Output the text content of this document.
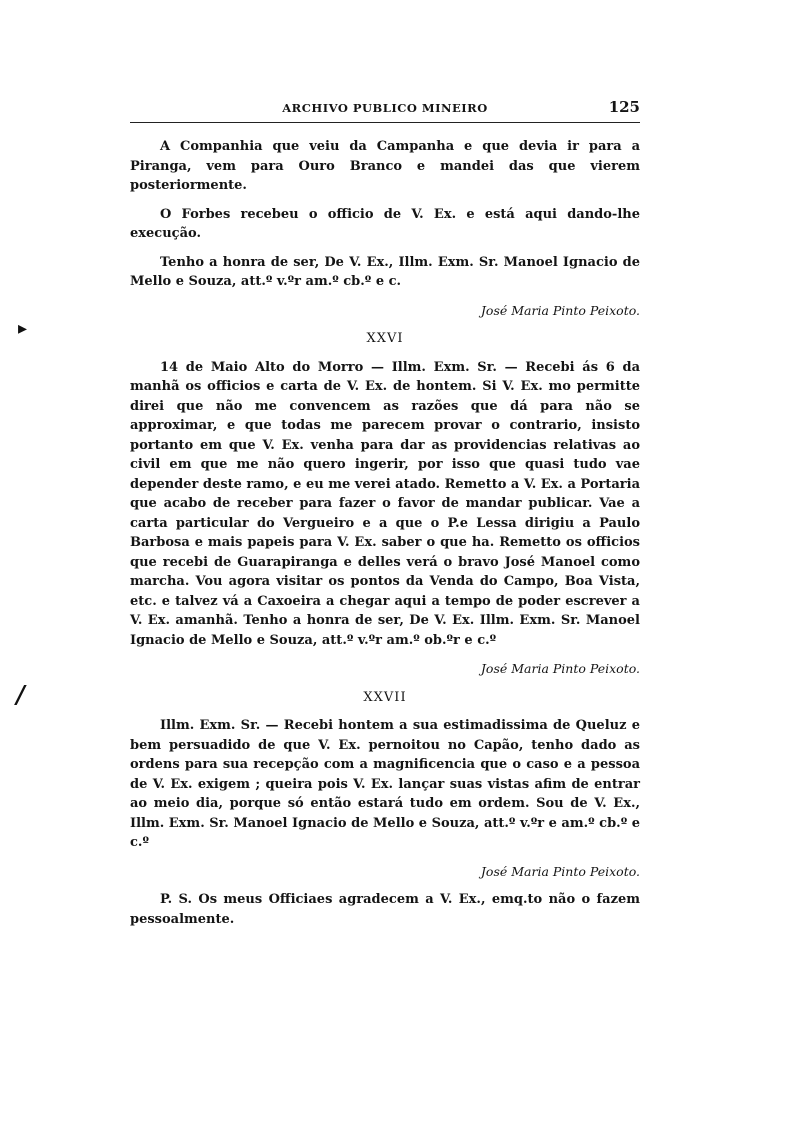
ARCHIVO PUBLICO MINEIRO	125
▸
/

A Companhia que veiu da Campanha e que devia ir para a Piranga, vem para Ouro Branco e mandei das que vierem posteriormente.

O Forbes recebeu o officio de V. Ex. e está aqui dando-lhe execução.

Tenho a honra de ser, De V. Ex., Illm. Exm. Sr. Manoel Ignacio de Mello e Souza, att.º v.ºr am.º cb.º e c.

José Maria Pinto Peixoto.

XXVI

14 de Maio Alto do Morro — Illm. Exm. Sr. — Recebi ás 6 da manhã os officios e carta de V. Ex. de hontem. Si V. Ex. mo permitte direi que não me convencem as razões que dá para não se approximar, e que todas me parecem provar o contrario, insisto portanto em que V. Ex. venha para dar as providencias relativas ao civil em que me não quero ingerir, por isso que quasi tudo vae depender deste ramo, e eu me verei atado. Remetto a V. Ex. a Portaria que acabo de receber para fazer o favor de mandar publicar. Vae a carta particular do Vergueiro e a que o P.e Lessa dirigiu a Paulo Barbosa e mais papeis para V. Ex. saber o que ha. Remetto os officios que recebi de Guarapiranga e delles verá o bravo José Manoel como marcha. Vou agora visitar os pontos da Venda do Campo, Boa Vista, etc. e talvez vá a Caxoeira a chegar aqui a tempo de poder escrever a V. Ex. amanhã. Tenho a honra de ser, De V. Ex. Illm. Exm. Sr. Manoel Ignacio de Mello e Souza, att.º v.ºr am.º ob.ºr e c.º

José Maria Pinto Peixoto.

XXVII

Illm. Exm. Sr. — Recebi hontem a sua estimadissima de Queluz e bem persuadido de que V. Ex. pernoitou no Capão, tenho dado as ordens para sua recepção com a magnificencia que o caso e a pessoa de V. Ex. exigem ; queira pois V. Ex. lançar suas vistas afim de entrar ao meio dia, porque só então estará tudo em ordem. Sou de V. Ex., Illm. Exm. Sr. Manoel Ignacio de Mello e Souza, att.º v.ºr e am.º cb.º e c.º

José Maria Pinto Peixoto.

P. S. Os meus Officiaes agradecem a V. Ex., emq.to não o fazem pessoalmente.
